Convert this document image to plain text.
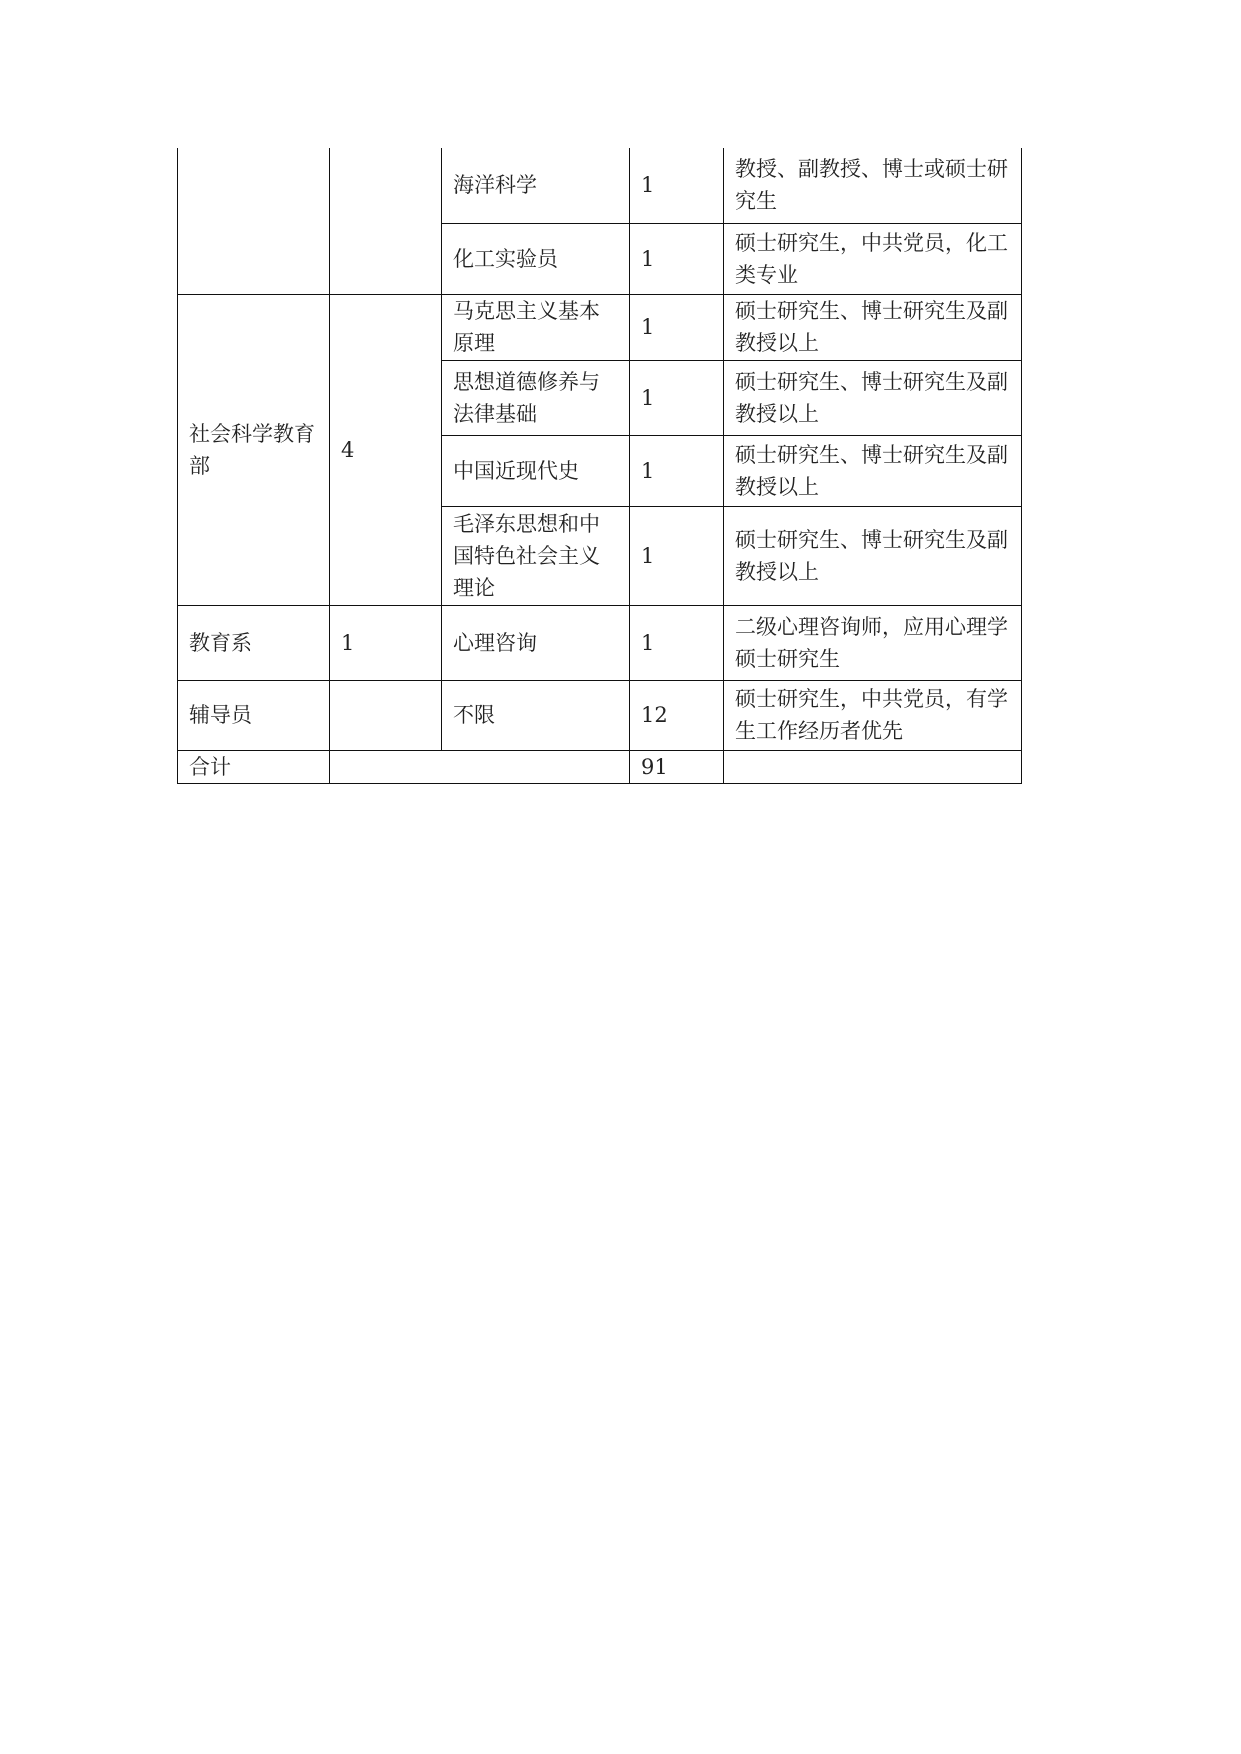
		海洋科学	1	教授、副教授、博士或硕士研究生
		化工实验员	1	硕士研究生，中共党员，化工类专业
社会科学教育部	4	马克思主义基本原理	1	硕士研究生、博士研究生及副教授以上
		思想道德修养与法律基础	1	硕士研究生、博士研究生及副教授以上
		中国近现代史	1	硕士研究生、博士研究生及副教授以上
		毛泽东思想和中国特色社会主义理论	1	硕士研究生、博士研究生及副教授以上
教育系	1	心理咨询	1	二级心理咨询师，应用心理学硕士研究生
辅导员		不限	12	硕士研究生，中共党员，有学生工作经历者优先
合计			91	
